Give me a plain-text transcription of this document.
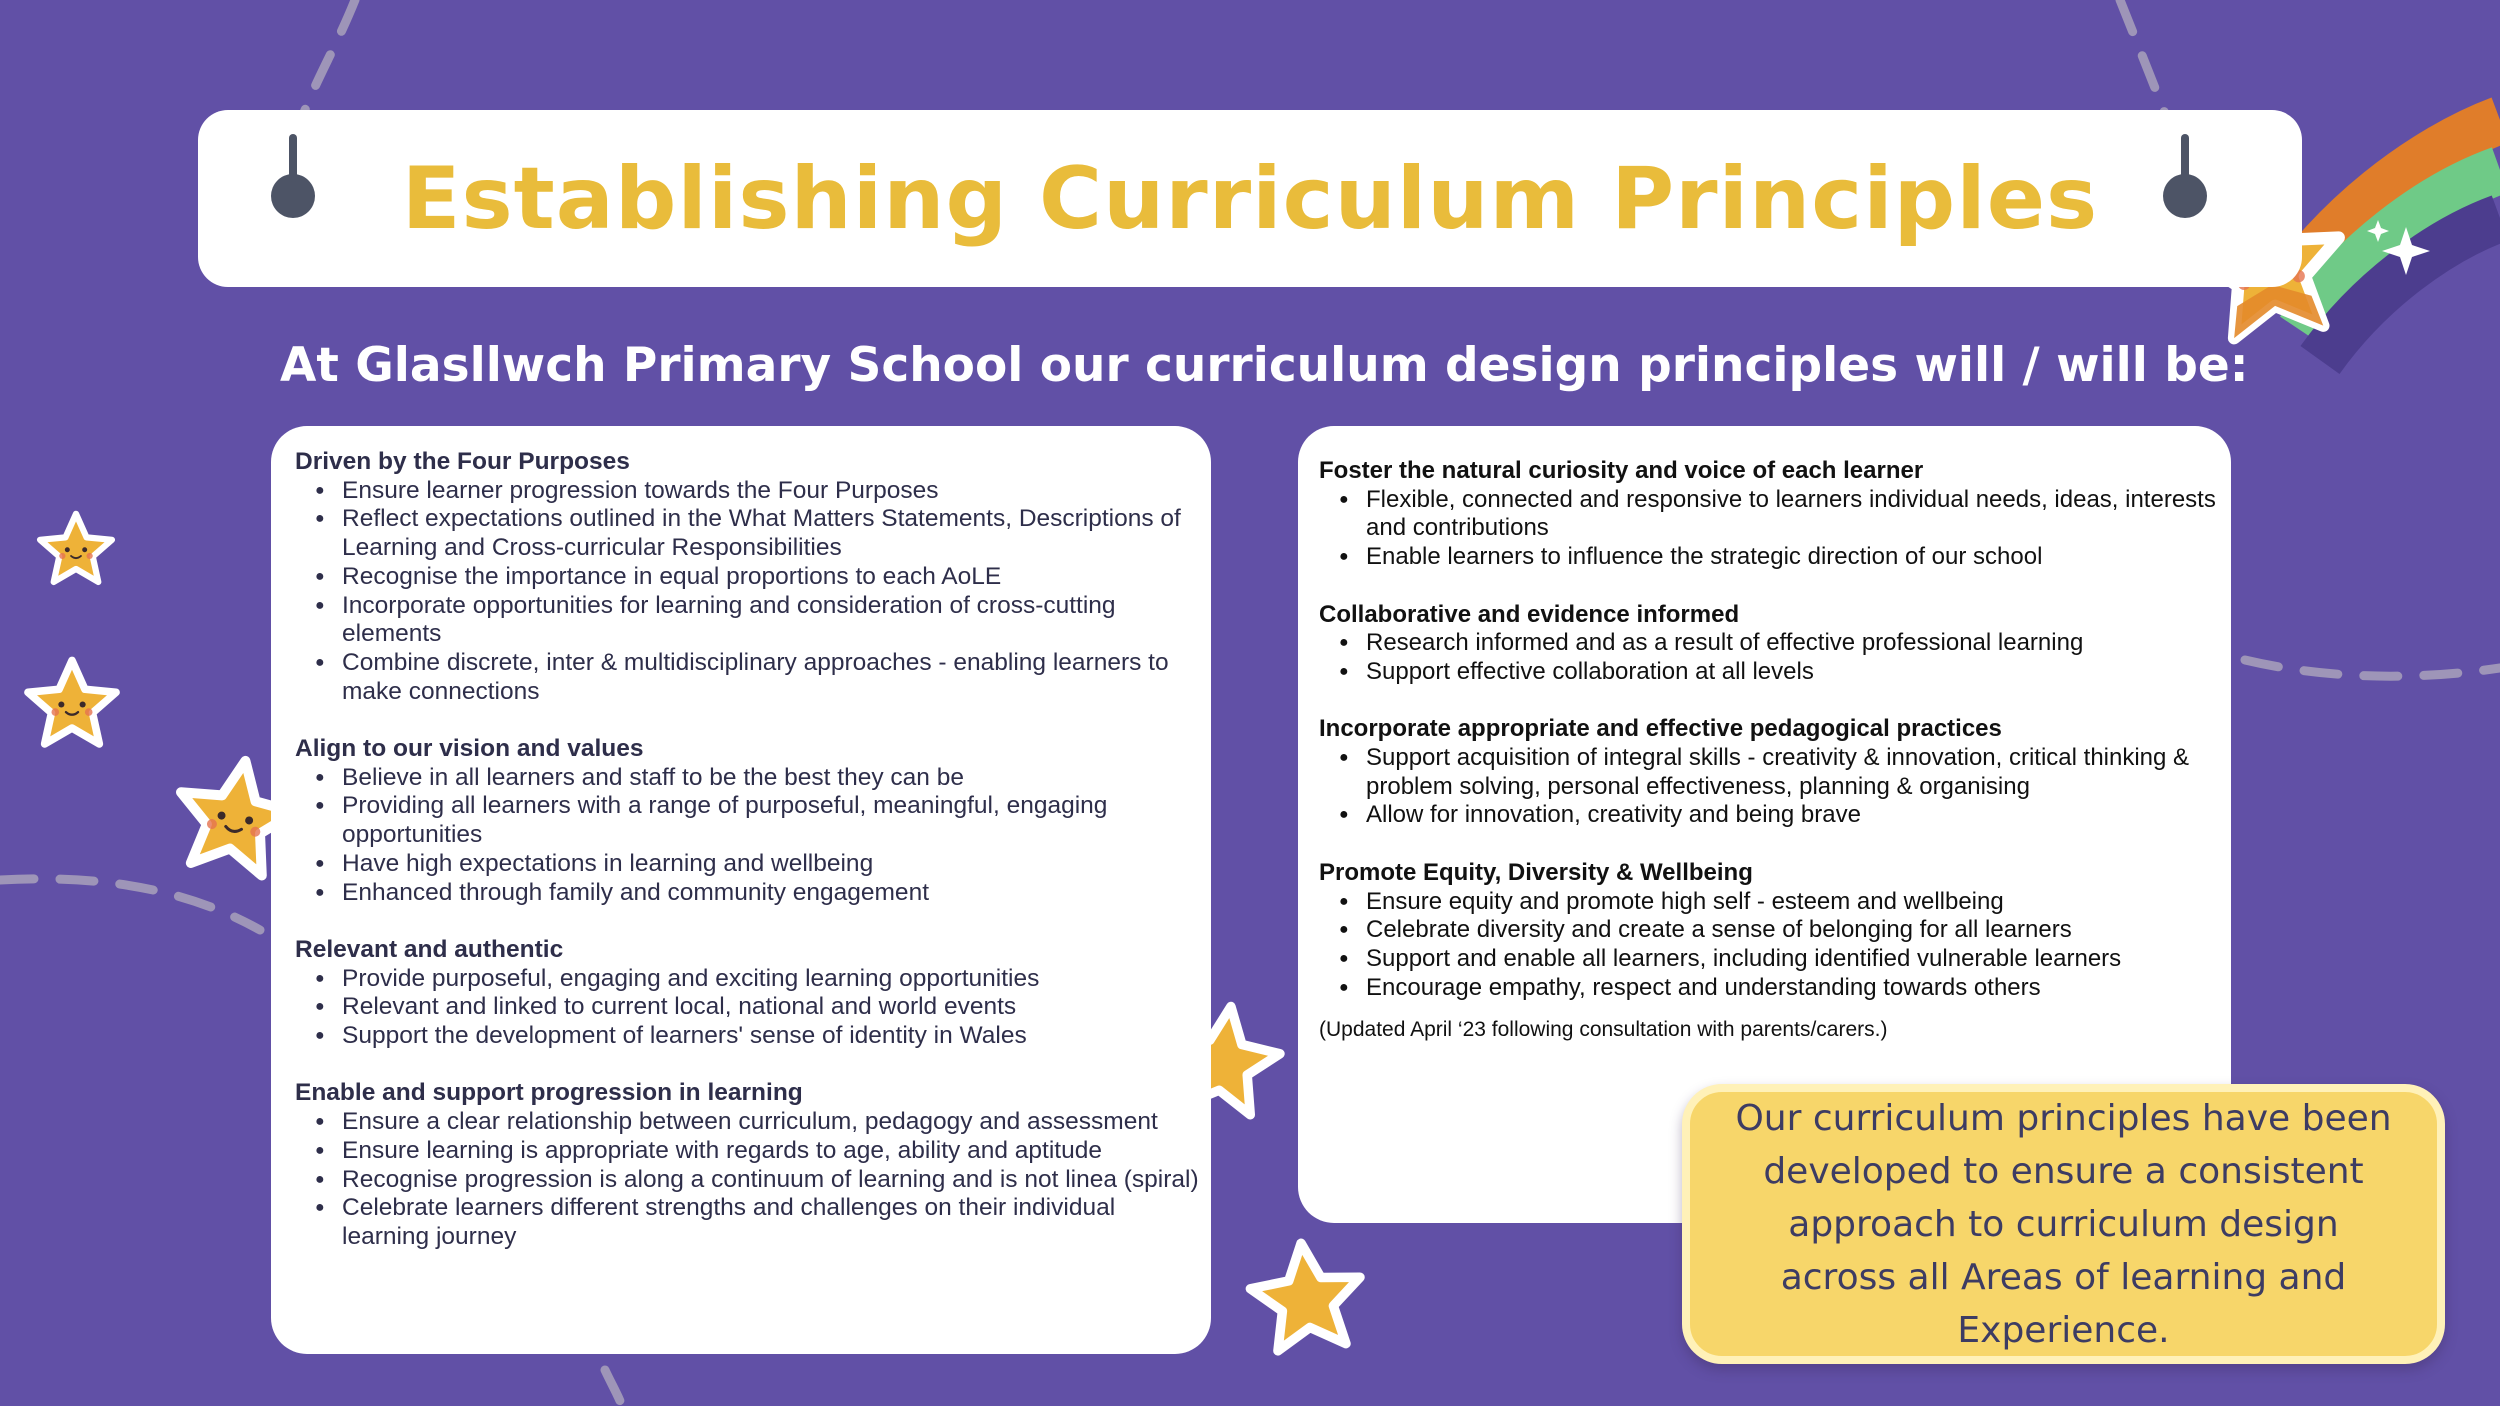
Establishing Curriculum Principles
At Glasllwch Primary School our curriculum design principles will / will be:
Driven by the Four Purposes
● Ensure learner progression towards the Four Purposes
● Reflect expectations outlined in the What Matters Statements, Descriptions of Learning and Cross-curricular Responsibilities
● Recognise the importance in equal proportions to each AoLE
● Incorporate opportunities for learning and consideration of cross-cutting elements
● Combine discrete, inter & multidisciplinary approaches - enabling learners to make connections
Align to our vision and values
● Believe in all learners and staff to be the best they can be
● Providing all learners with a range of purposeful, meaningful, engaging opportunities
● Have high expectations in learning and wellbeing
● Enhanced through family and community engagement
Relevant and authentic
● Provide purposeful, engaging and exciting learning opportunities
● Relevant and linked to current local, national and world events
● Support the development of learners' sense of identity in Wales
Enable and support progression in learning
● Ensure a clear relationship between curriculum, pedagogy and assessment
● Ensure learning is appropriate with regards to age, ability and aptitude
● Recognise progression is along a continuum of learning and is not linea (spiral)
● Celebrate learners different strengths and challenges on their individual learning journey
Foster the natural curiosity and voice of each learner
● Flexible, connected and responsive to learners individual needs, ideas, interests and contributions
● Enable learners to influence the strategic direction of our school
Collaborative and evidence informed
● Research informed and as a result of effective professional learning
● Support effective collaboration at all levels
Incorporate appropriate and effective pedagogical practices
● Support acquisition of integral skills - creativity & innovation, critical thinking & problem solving, personal effectiveness, planning & organising
● Allow for innovation, creativity and being brave
Promote Equity, Diversity & Wellbeing
● Ensure equity and promote high self - esteem and wellbeing
● Celebrate diversity and create a sense of belonging for all learners
● Support and enable all learners, including identified vulnerable learners
● Encourage empathy, respect and understanding towards others
(Updated April ‘23 following consultation with parents/carers.)
Our curriculum principles have been developed to ensure a consistent approach to curriculum design across all Areas of learning and Experience.
